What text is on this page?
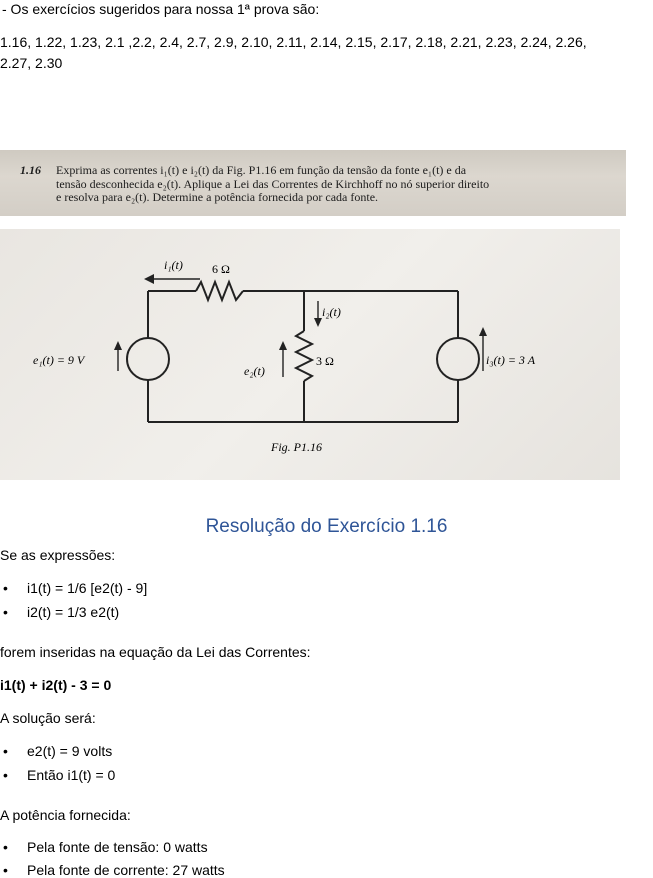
- Os exercícios sugeridos para nossa 1ª prova são:
1.16, 1.22, 1.23, 2.1 ,2.2, 2.4, 2.7, 2.9, 2.10, 2.11, 2.14, 2.15, 2.17, 2.18, 2.21, 2.23, 2.24, 2.26,
2.27, 2.30
1.16 Exprima as correntes i₁(t) e i₂(t) da Fig. P1.16 em função da tensão da fonte e₁(t) e da
tensão desconhecida e₂(t). Aplique a Lei das Correntes de Kirchhoff no nó superior direito
e resolva para e₂(t). Determine a potência fornecida por cada fonte.
i₁(t) 6 Ω
i₂(t)
e₁(t) = 9 V
e₂(t)
3 Ω	i₃(t) = 3 A
Fig. P1.16
Resolução do Exercício 1.16
Se as expressões:
• i1(t) = 1/6 [e2(t) - 9]
• i2(t) = 1/3 e2(t)
forem inseridas na equação da Lei das Correntes:
i1(t) + i2(t) - 3 = 0
A solução será:
• e2(t) = 9 volts
• Então i1(t) = 0
A potência fornecida:
• Pela fonte de tensão: 0 watts
• Pela fonte de corrente: 27 watts
